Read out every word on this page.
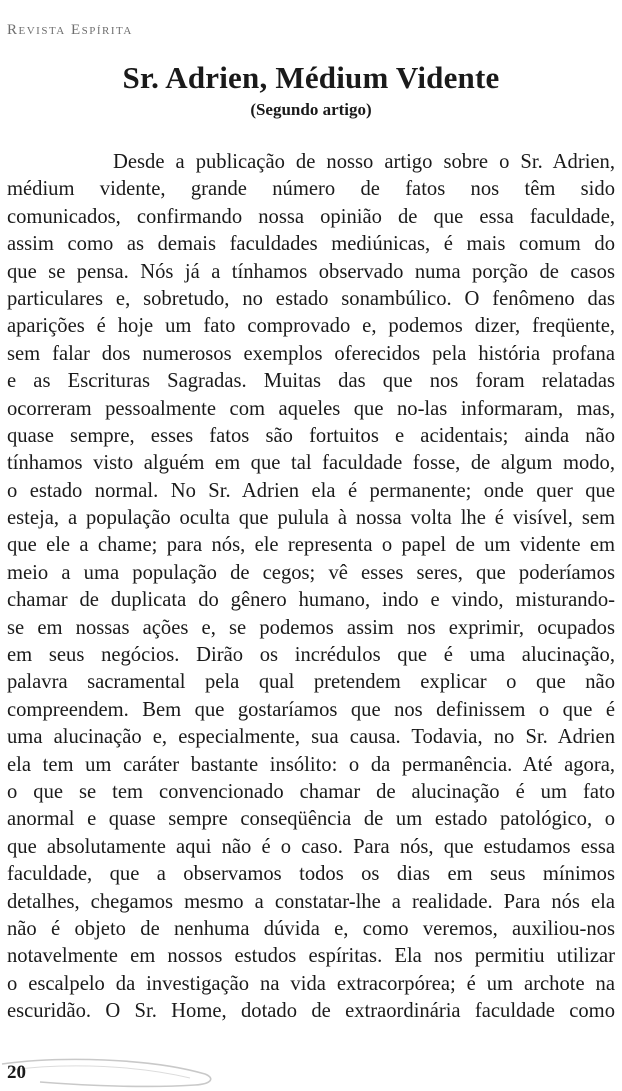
Revista Espírita
Sr. Adrien, Médium Vidente
(Segundo artigo)
Desde a publicação de nosso artigo sobre o Sr. Adrien,
médium vidente, grande número de fatos nos têm sido
comunicados, confirmando nossa opinião de que essa faculdade,
assim como as demais faculdades mediúnicas, é mais comum do
que se pensa. Nós já a tínhamos observado numa porção de casos
particulares e, sobretudo, no estado sonambúlico. O fenômeno das
aparições é hoje um fato comprovado e, podemos dizer, freqüente,
sem falar dos numerosos exemplos oferecidos pela história profana
e as Escrituras Sagradas. Muitas das que nos foram relatadas
ocorreram pessoalmente com aqueles que no-las informaram, mas,
quase sempre, esses fatos são fortuitos e acidentais; ainda não
tínhamos visto alguém em que tal faculdade fosse, de algum modo,
o estado normal. No Sr. Adrien ela é permanente; onde quer que
esteja, a população oculta que pulula à nossa volta lhe é visível, sem
que ele a chame; para nós, ele representa o papel de um vidente em
meio a uma população de cegos; vê esses seres, que poderíamos
chamar de duplicata do gênero humano, indo e vindo, misturando-
se em nossas ações e, se podemos assim nos exprimir, ocupados
em seus negócios. Dirão os incrédulos que é uma alucinação,
palavra sacramental pela qual pretendem explicar o que não
compreendem. Bem que gostaríamos que nos definissem o que é
uma alucinação e, especialmente, sua causa. Todavia, no Sr. Adrien
ela tem um caráter bastante insólito: o da permanência. Até agora,
o que se tem convencionado chamar de alucinação é um fato
anormal e quase sempre conseqüência de um estado patológico, o
que absolutamente aqui não é o caso. Para nós, que estudamos essa
faculdade, que a observamos todos os dias em seus mínimos
detalhes, chegamos mesmo a constatar-lhe a realidade. Para nós ela
não é objeto de nenhuma dúvida e, como veremos, auxiliou-nos
notavelmente em nossos estudos espíritas. Ela nos permitiu utilizar
o escalpelo da investigação na vida extracorpórea; é um archote na
escuridão. O Sr. Home, dotado de extraordinária faculdade como
20
